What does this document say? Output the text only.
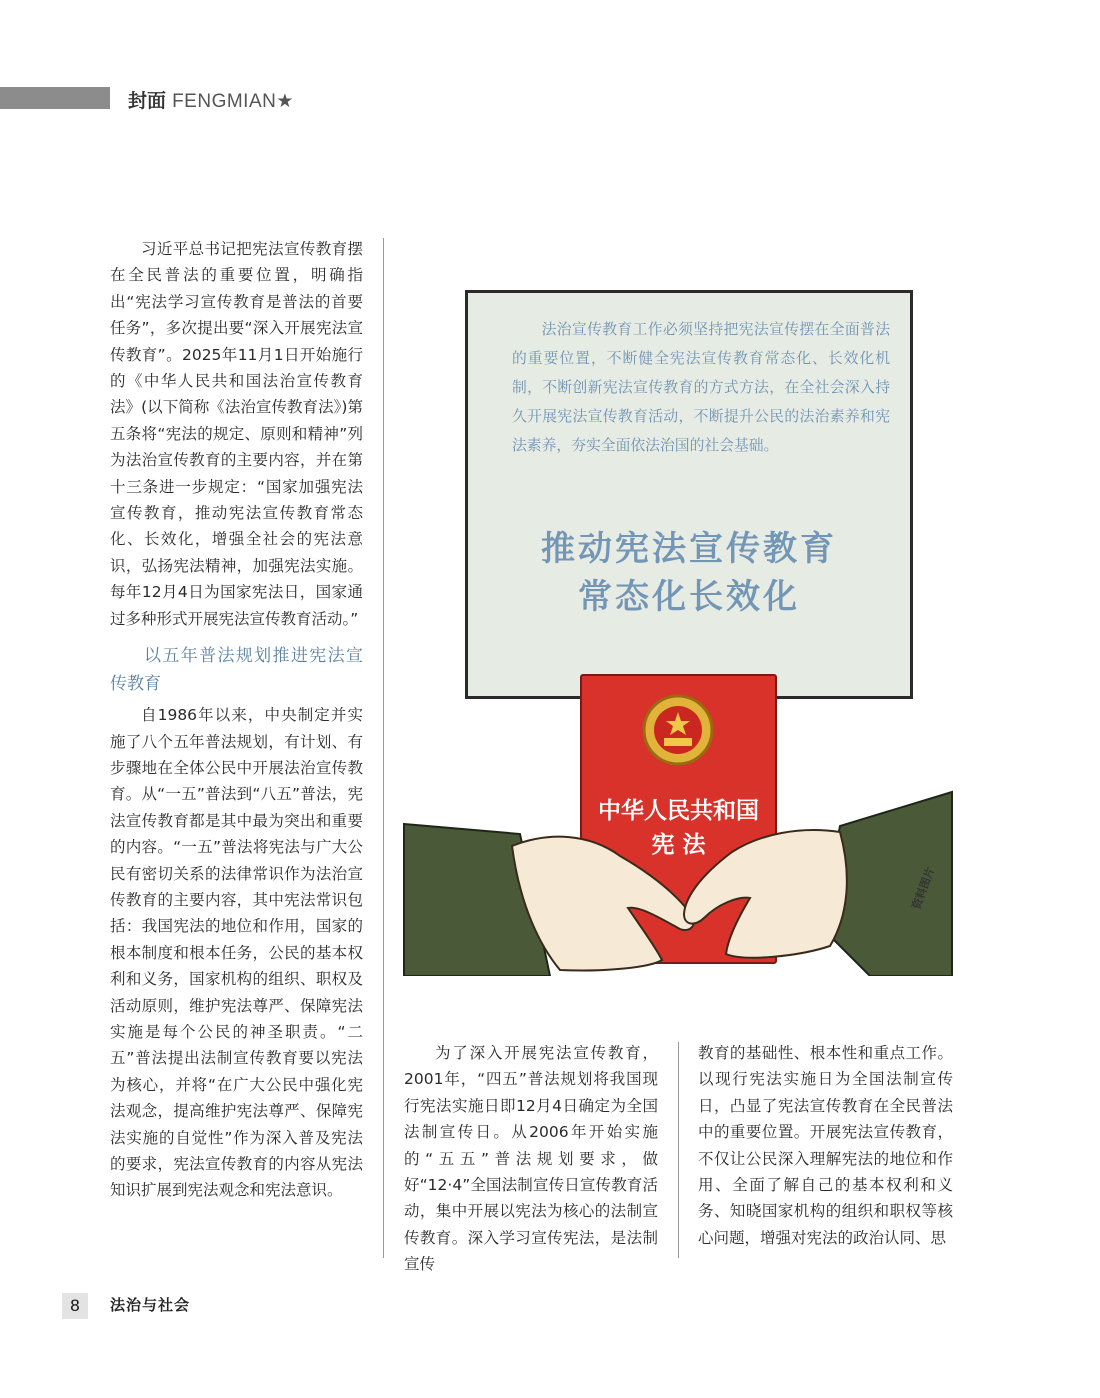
封面 FENGMIAN★

习近平总书记把宪法宣传教育摆在全民普法的重要位置，明确指出“宪法学习宣传教育是普法的首要任务”，多次提出要“深入开展宪法宣传教育”。2025年11月1日开始施行的《中华人民共和国法治宣传教育法》(以下简称《法治宣传教育法》)第五条将“宪法的规定、原则和精神”列为法治宣传教育的主要内容，并在第十三条进一步规定：“国家加强宪法宣传教育，推动宪法宣传教育常态化、长效化，增强全社会的宪法意识，弘扬宪法精神，加强宪法实施。每年12月4日为国家宪法日，国家通过多种形式开展宪法宣传教育活动。”

以五年普法规划推进宪法宣传教育

自1986年以来，中央制定并实施了八个五年普法规划，有计划、有步骤地在全体公民中开展法治宣传教育。从“一五”普法到“八五”普法，宪法宣传教育都是其中最为突出和重要的内容。“一五”普法将宪法与广大公民有密切关系的法律常识作为法治宣传教育的主要内容，其中宪法常识包括：我国宪法的地位和作用，国家的根本制度和根本任务，公民的基本权利和义务，国家机构的组织、职权及活动原则，维护宪法尊严、保障宪法实施是每个公民的神圣职责。“二五”普法提出法制宣传教育要以宪法为核心，并将“在广大公民中强化宪法观念，提高维护宪法尊严、保障宪法实施的自觉性”作为深入普及宪法的要求，宪法宣传教育的内容从宪法知识扩展到宪法观念和宪法意识。

法治宣传教育工作必须坚持把宪法宣传摆在全面普法的重要位置，不断健全宪法宣传教育常态化、长效化机制，不断创新宪法宣传教育的方式方法，在全社会深入持久开展宪法宣传教育活动，不断提升公民的法治素养和宪法素养，夯实全面依法治国的社会基础。

推动宪法宣传教育
常态化长效化
中华人民共和国
宪 法
资料图片

为了深入开展宪法宣传教育，2001年，“四五”普法规划将我国现行宪法实施日即12月4日确定为全国法制宣传日。从2006年开始实施的“五五”普法规划要求，做好“12·4”全国法制宣传日宣传教育活动，集中开展以宪法为核心的法制宣传教育。深入学习宣传宪法，是法制宣传

教育的基础性、根本性和重点工作。以现行宪法实施日为全国法制宣传日，凸显了宪法宣传教育在全民普法中的重要位置。开展宪法宣传教育，不仅让公民深入理解宪法的地位和作用、全面了解自己的基本权利和义务、知晓国家机构的组织和职权等核心问题，增强对宪法的政治认同、思

8	法治与社会
